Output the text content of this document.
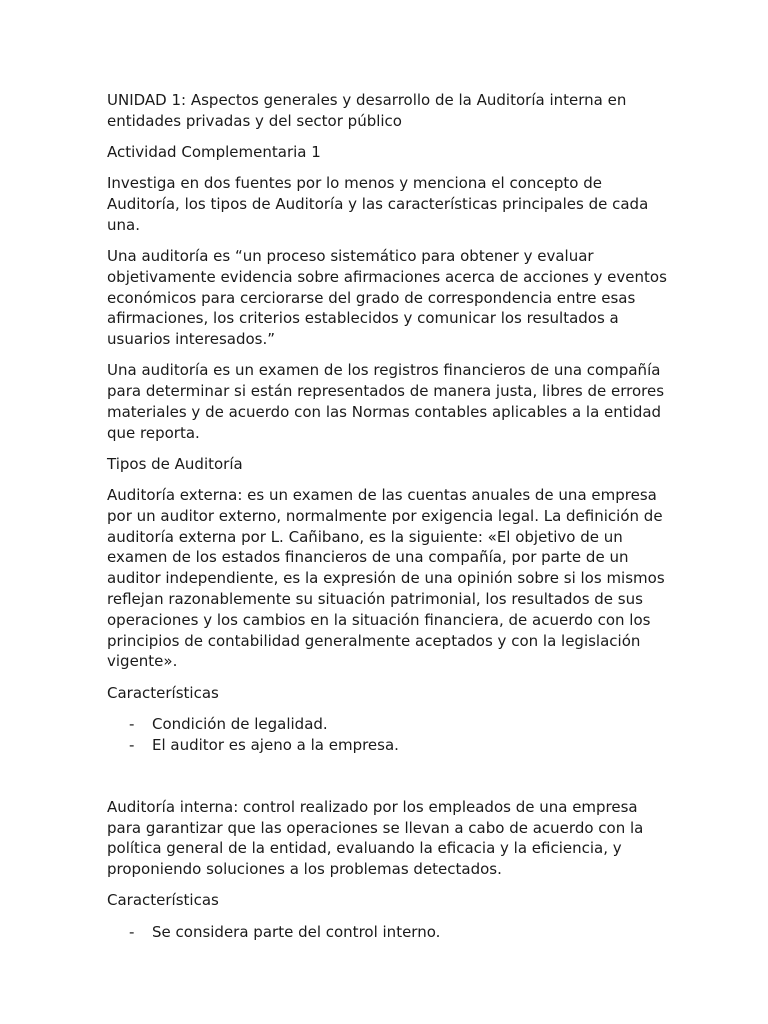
UNIDAD 1: Aspectos generales y desarrollo de la Auditoría interna en entidades privadas y del sector público

Actividad Complementaria 1

Investiga en dos fuentes por lo menos y menciona el concepto de Auditoría, los tipos de Auditoría y las características principales de cada una.

Una auditoría es “un proceso sistemático para obtener y evaluar objetivamente evidencia sobre afirmaciones acerca de acciones y eventos económicos para cerciorarse del grado de correspondencia entre esas afirmaciones, los criterios establecidos y comunicar los resultados a usuarios interesados.”

Una auditoría es un examen de los registros financieros de una compañía para determinar si están representados de manera justa, libres de errores materiales y de acuerdo con las Normas contables aplicables a la entidad que reporta.

Tipos de Auditoría

Auditoría externa: es un examen de las cuentas anuales de una empresa por un auditor externo, normalmente por exigencia legal. La definición de auditoría externa por L. Cañibano, es la siguiente: «El objetivo de un examen de los estados financieros de una compañía, por parte de un auditor independiente, es la expresión de una opinión sobre si los mismos reflejan razonablemente su situación patrimonial, los resultados de sus operaciones y los cambios en la situación financiera, de acuerdo con los principios de contabilidad generalmente aceptados y con la legislación vigente».

Características

- Condición de legalidad.
- El auditor es ajeno a la empresa.

Auditoría interna: control realizado por los empleados de una empresa para garantizar que las operaciones se llevan a cabo de acuerdo con la política general de la entidad, evaluando la eficacia y la eficiencia, y proponiendo soluciones a los problemas detectados.

Características

- Se considera parte del control interno.
